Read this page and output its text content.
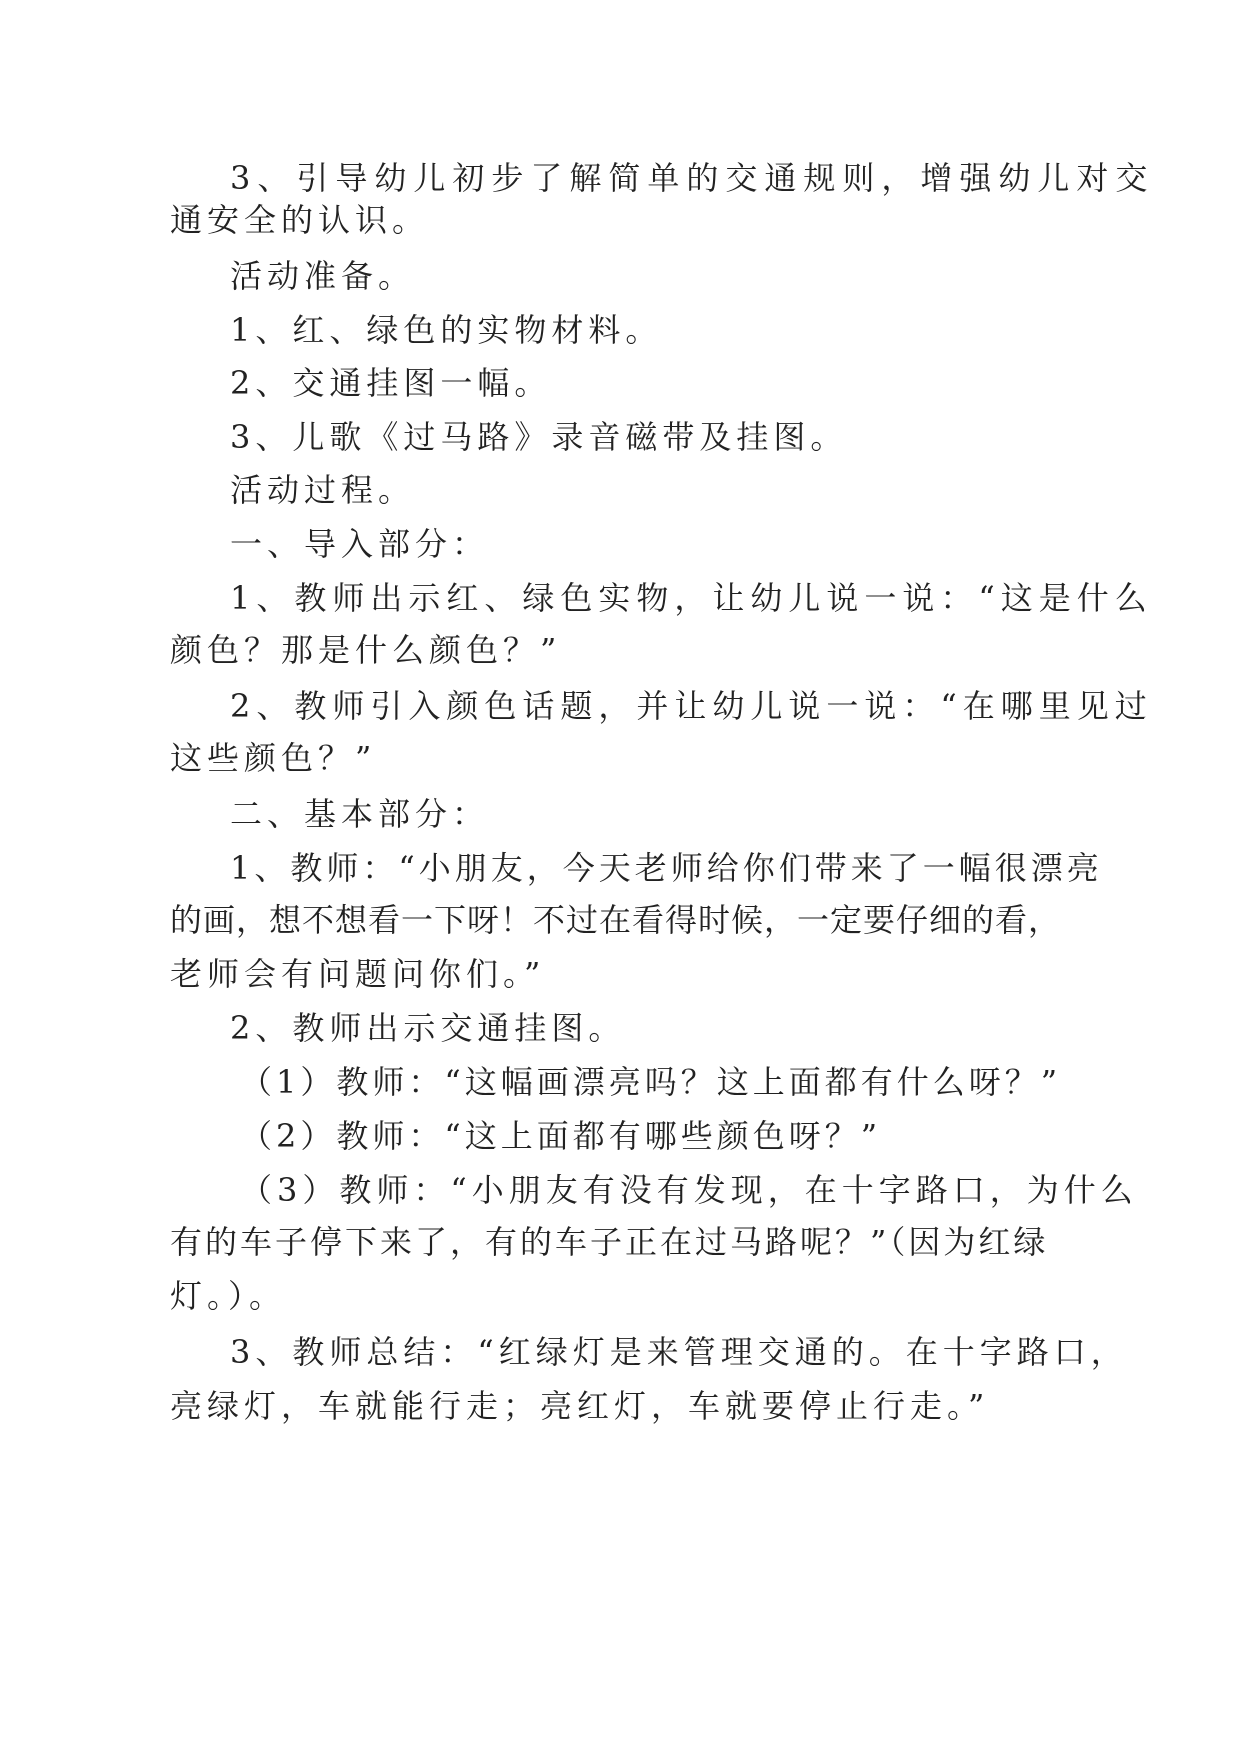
3、引导幼儿初步了解简单的交通规则，增强幼儿对交
通安全的认识。
活动准备。
1、红、绿色的实物材料。
2、交通挂图一幅。
3、儿歌《过马路》录音磁带及挂图。
活动过程。
一、导入部分：
1、教师出示红、绿色实物，让幼儿说一说：“这是什么
颜色？那是什么颜色？”
2、教师引入颜色话题，并让幼儿说一说：“在哪里见过
这些颜色？”
二、基本部分：
1、教师：“小朋友，今天老师给你们带来了一幅很漂亮
的画，想不想看一下呀！不过在看得时候，一定要仔细的看，
老师会有问题问你们。”
2、教师出示交通挂图。
（1）教师：“这幅画漂亮吗？这上面都有什么呀？”
（2）教师：“这上面都有哪些颜色呀？”
（3）教师：“小朋友有没有发现，在十字路口，为什么
有的车子停下来了，有的车子正在过马路呢？”（因为红绿
灯。）。
3、教师总结：“红绿灯是来管理交通的。在十字路口，
亮绿灯，车就能行走；亮红灯，车就要停止行走。”
